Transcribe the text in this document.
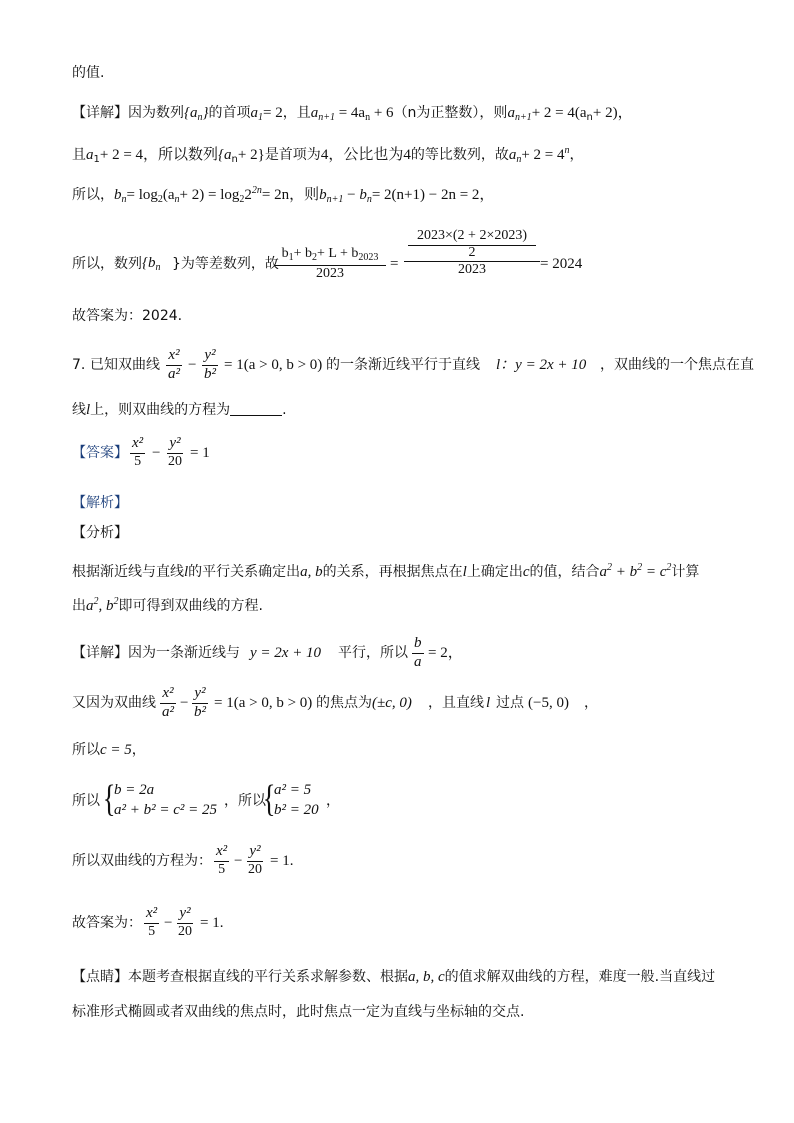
的值.
【详解】因为数列$\{a_n\}$的首项$a_1= 2$，且$a_{n+1} = 4a_n + 6(n$为正整数），则$a_{n+1}+ 2 = 4(a_n+ 2)$，
且$a_1+ 2 = 4$，所以数列$\{a_n+ 2\}$是首项为4，公比也为4的等比数列，故$a_n+ 2 = 4^n$，
所以，$b_n= \log_2(a_n+ 2) = \log_22^{2n}= 2n$，则$b_{n+1} - b_n= 2(n+1) - 2n = 2$，
所以，数列 {$b_n$ }为等差数列，故
$\frac{b_1+ b_2+ L + b_{2023}}{2023} = 2023\times(2 + 2\times 2023)$
2
2023 = 2024
故答案为：2024.
7. 已知双曲线 $\frac{\text{x²}}{\text{a²}} - \frac{\text{y²}}{\text{b²}} = 1(a > 0$, b > 0) 的一条渐近线平行于直线 l：y = 2x + 10 ，双曲线的一个焦点在直
线l上，则双曲线的方程为	.
【答案】 $\frac{\text{x²}}{5} - \frac{\text{y²}}{20} = 1$
【解析】
【分析】
根据渐近线与直线l的平行关系确定出a, b的关系，再根据焦点在l上确定出c的值，结合$a^2 + b^2 = c^2$计算
出$a^2$, $b^2$即可得到双曲线的方程.
【详解】 因为一条渐近线与 y = 2x + 10 平行，所以 $\frac{b}{a} = 2$，
又因为双曲线 $\frac{\text{x²}}{\text{a²}} - \frac{\text{y²}}{\text{b²}} = 1(a > 0$, b > 0) 的焦点为 (±c, 0) ，且直线 l 过点 (−5, 0) ，
所以c = 5，
所以 {
b = 2a
a² + b² = c² = 25
，所以
{
a² = 5
b² = 20
，
所以双曲线的方程为： $\frac{\text{x²}}{5} - \frac{\text{y²}}{20} = 1$.
故答案为： $\frac{\text{x²}}{5} - \frac{\text{y²}}{20} = 1$.
【点睛】本题考查根据直线的平行关系求解参数、根据a, b, c的值求解双曲线的方程，难度一般.当直线过
标准形式椭圆或者双曲线的焦点时，此时焦点一定为直线与坐标轴的交点.
